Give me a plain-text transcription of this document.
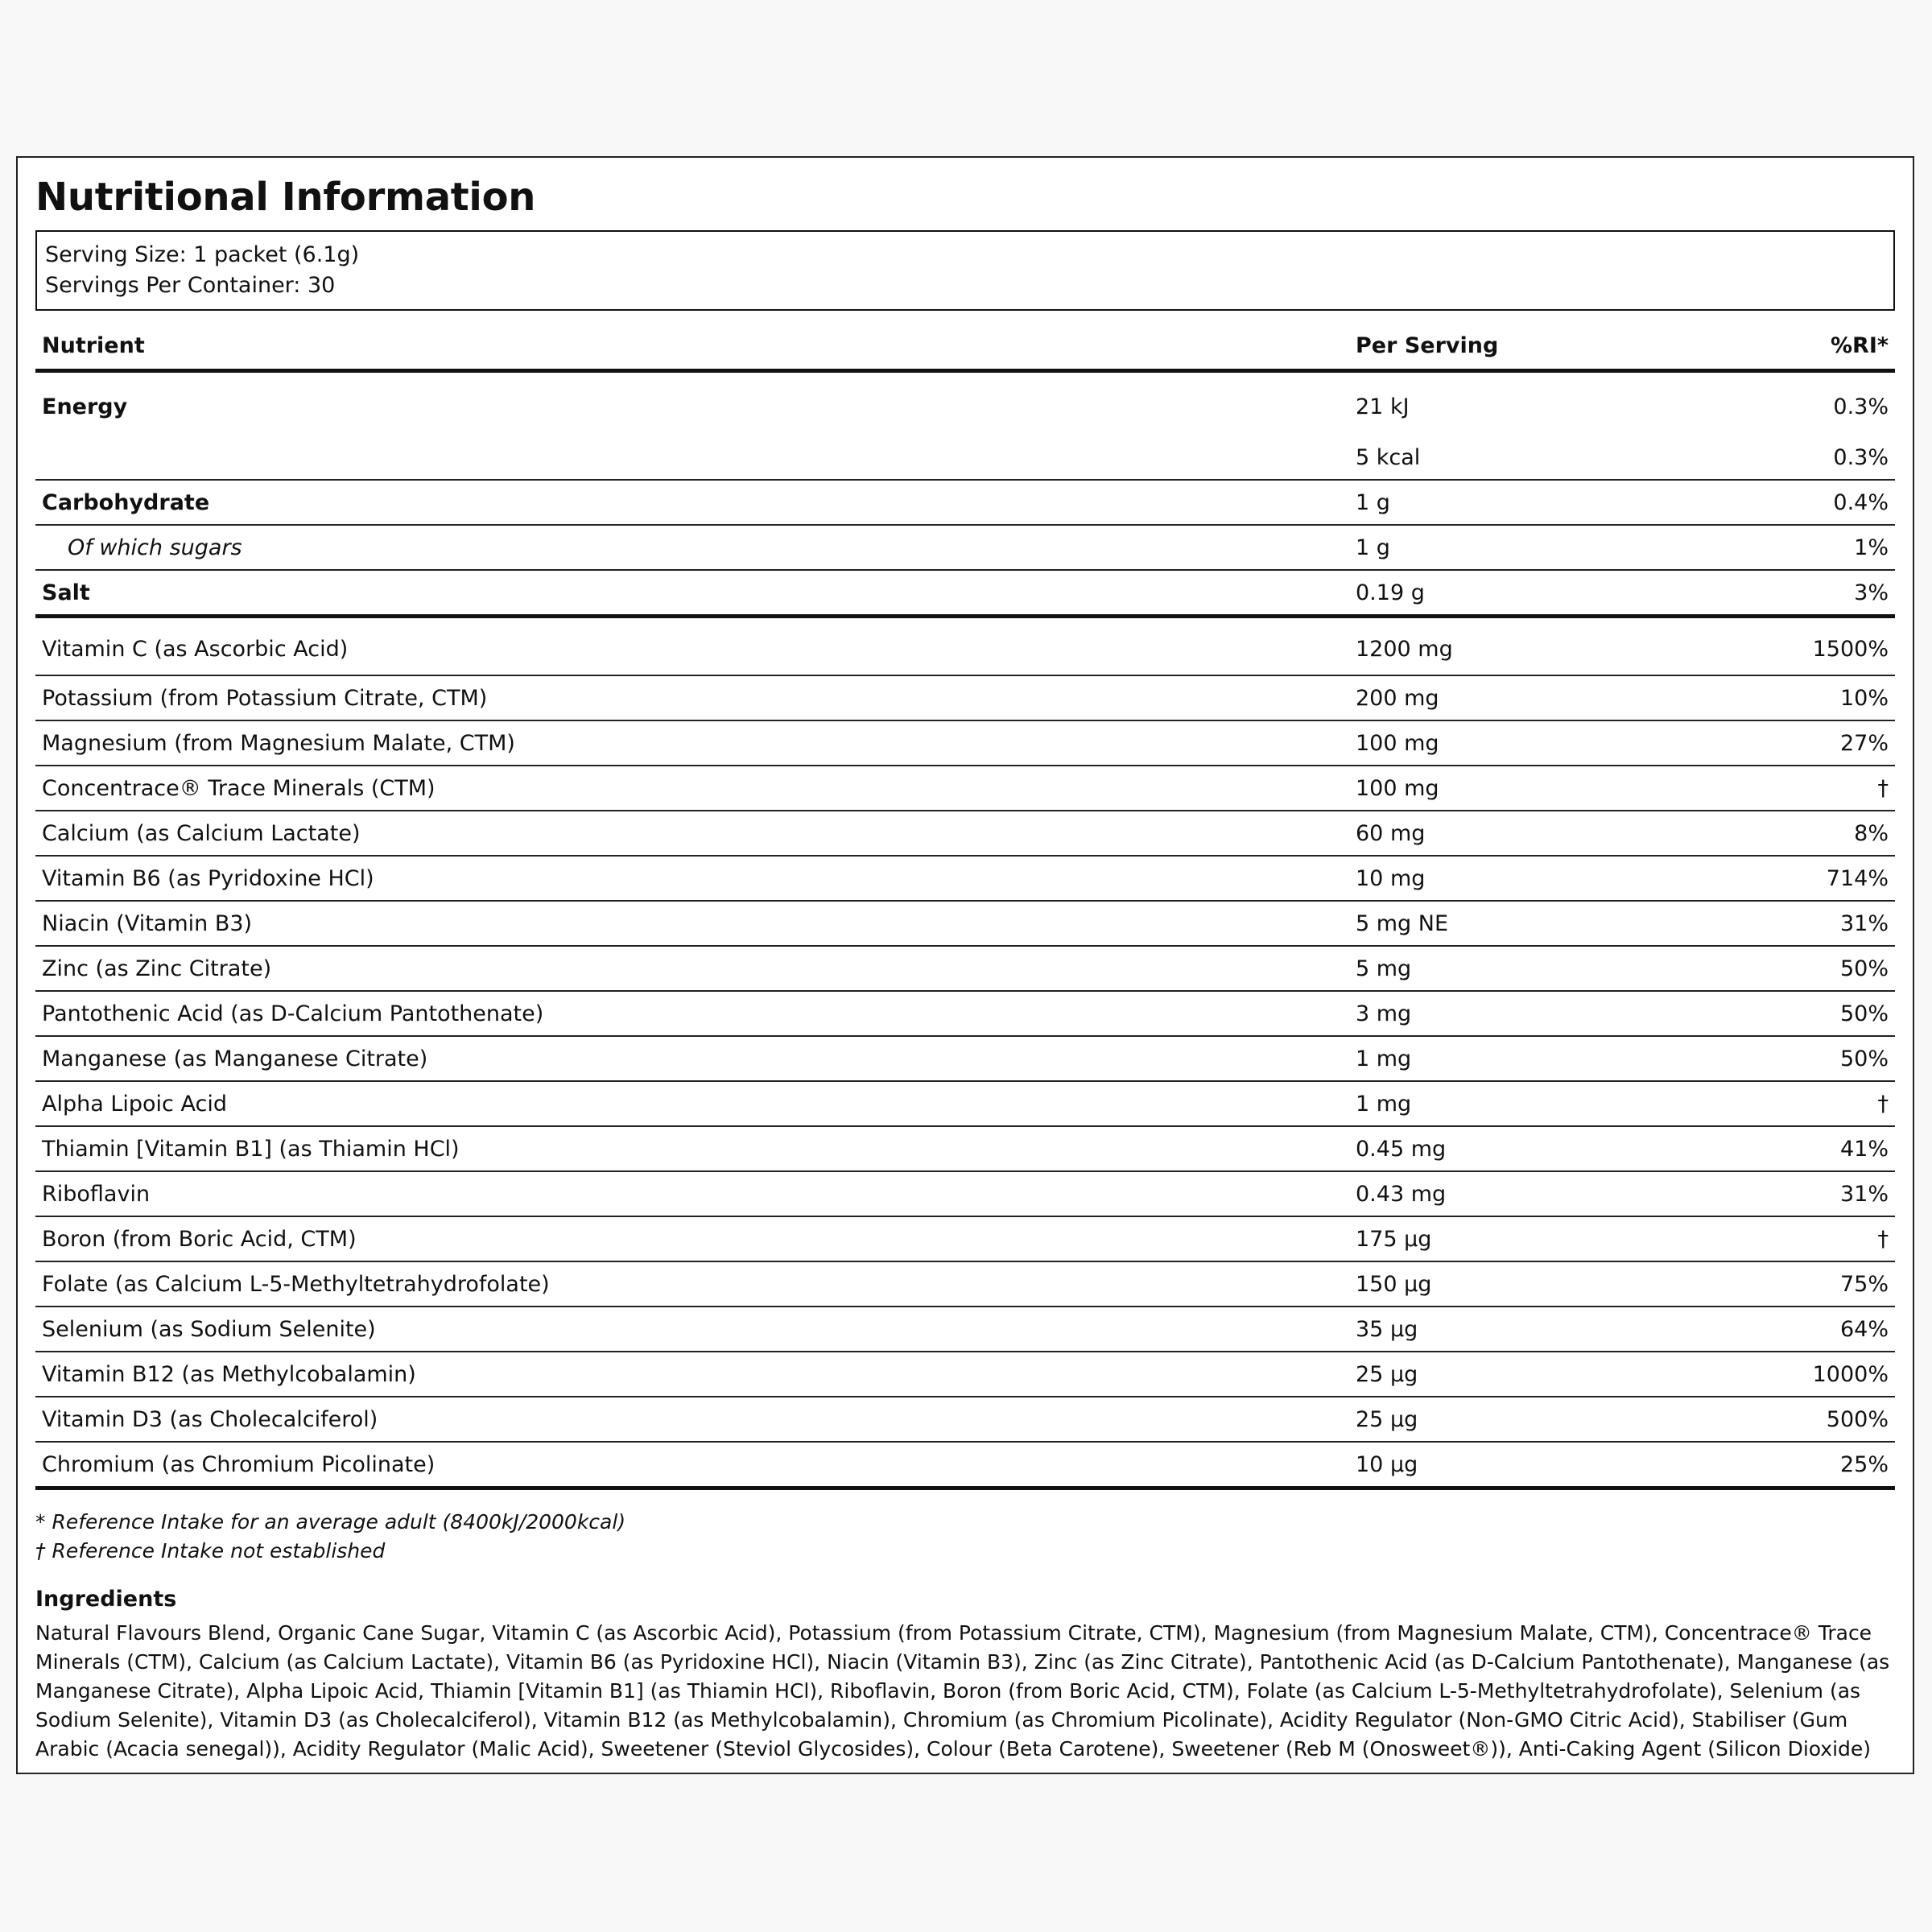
Nutritional Information
Serving Size: 1 packet (6.1g)
Servings Per Container: 30
Nutrient	Per Serving	%RI*
Energy	21 kJ	0.3%
	5 kcal	0.3%
Carbohydrate	1 g	0.4%
Of which sugars	1 g	1%
Salt	0.19 g	3%
Vitamin C (as Ascorbic Acid)	1200 mg	1500%
Potassium (from Potassium Citrate, CTM)	200 mg	10%
Magnesium (from Magnesium Malate, CTM)	100 mg	27%
Concentrace® Trace Minerals (CTM)	100 mg	†
Calcium (as Calcium Lactate)	60 mg	8%
Vitamin B6 (as Pyridoxine HCl)	10 mg	714%
Niacin (Vitamin B3)	5 mg NE	31%
Zinc (as Zinc Citrate)	5 mg	50%
Pantothenic Acid (as D-Calcium Pantothenate)	3 mg	50%
Manganese (as Manganese Citrate)	1 mg	50%
Alpha Lipoic Acid	1 mg	†
Thiamin [Vitamin B1] (as Thiamin HCl)	0.45 mg	41%
Riboflavin	0.43 mg	31%
Boron (from Boric Acid, CTM)	175 µg	†
Folate (as Calcium L-5-Methyltetrahydrofolate)	150 µg	75%
Selenium (as Sodium Selenite)	35 µg	64%
Vitamin B12 (as Methylcobalamin)	25 µg	1000%
Vitamin D3 (as Cholecalciferol)	25 µg	500%
Chromium (as Chromium Picolinate)	10 µg	25%
* Reference Intake for an average adult (8400kJ/2000kcal)
† Reference Intake not established
Ingredients
Natural Flavours Blend, Organic Cane Sugar, Vitamin C (as Ascorbic Acid), Potassium (from Potassium Citrate, CTM), Magnesium (from Magnesium Malate, CTM), Concentrace® Trace Minerals (CTM), Calcium (as Calcium Lactate), Vitamin B6 (as Pyridoxine HCl), Niacin (Vitamin B3), Zinc (as Zinc Citrate), Pantothenic Acid (as D-Calcium Pantothenate), Manganese (as Manganese Citrate), Alpha Lipoic Acid, Thiamin [Vitamin B1] (as Thiamin HCl), Riboflavin, Boron (from Boric Acid, CTM), Folate (as Calcium L-5-Methyltetrahydrofolate), Selenium (as Sodium Selenite), Vitamin D3 (as Cholecalciferol), Vitamin B12 (as Methylcobalamin), Chromium (as Chromium Picolinate), Acidity Regulator (Non-GMO Citric Acid), Stabiliser (Gum Arabic (Acacia senegal)), Acidity Regulator (Malic Acid), Sweetener (Steviol Glycosides), Colour (Beta Carotene), Sweetener (Reb M (Onosweet®)), Anti-Caking Agent (Silicon Dioxide)
